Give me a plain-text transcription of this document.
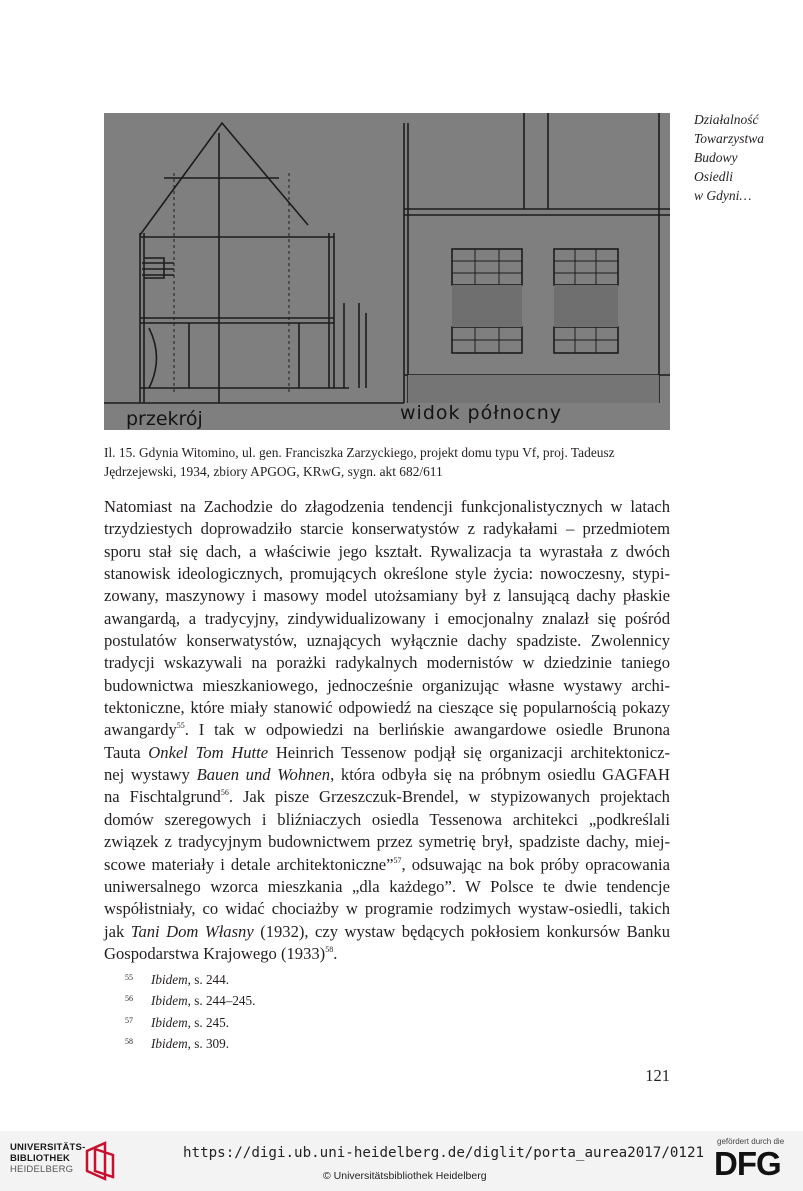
Działalność
Towarzystwa
Budowy
Osiedli
w Gdyni…
przekrój	widok północny
Il. 15. Gdynia Witomino, ul. gen. Franciszka Zarzyckiego, projekt domu typu Vf, proj. Tadeusz
Jędrzejewski, 1934, zbiory APGOG, KRwG, sygn. akt 682/611
Natomiast na Zachodzie do złagodzenia tendencji funkcjonalistycznych w latach
trzydziestych doprowadziło starcie konserwatystów z radykałami – przedmiotem
sporu stał się dach, a właściwie jego kształt. Rywalizacja ta wyrastała z dwóch
stanowisk ideologicznych, promujących określone style życia: nowoczesny, stypi-
zowany, maszynowy i masowy model utożsamiany był z lansującą dachy płaskie
awangardą, a tradycyjny, zindywidualizowany i emocjonalny znalazł się pośród
postulatów konserwatystów, uznających wyłącznie dachy spadziste. Zwolennicy
tradycji wskazywali na porażki radykalnych modernistów w dziedzinie taniego
budownictwa mieszkaniowego, jednocześnie organizując własne wystawy archi-
tektoniczne, które miały stanowić odpowiedź na cieszące się popularnością pokazy
awangardy$^{55}$. I tak w odpowiedzi na berlińskie awangardowe osiedle Brunona
Tauta Onkel Tom Hutte Heinrich Tessenow podjął się organizacji architektonicz-
nej wystawy Bauen und Wohnen, która odbyła się na próbnym osiedlu GAGFAH
na Fischtalgrund$^{56}$. Jak pisze Grzeszczuk-Brendel, w stypizowanych projektach
domów szeregowych i bliźniaczych osiedla Tessenowa architekci „podkreślali
związek z tradycyjnym budownictwem przez symetrię brył, spadziste dachy, miej-
scowe materiały i detale architektoniczne”$^{57}$, odsuwając na bok próby opracowania
uniwersalnego wzorca mieszkania „dla każdego”. W Polsce te dwie tendencje
współistniały, co widać chociażby w programie rodzimych wystaw-osiedli, takich
jak Tani Dom Własny (1932), czy wystaw będących pokłosiem konkursów Banku
Gospodarstwa Krajowego $(1933)^{58}$.
55	Ibidem, s. 244.
56	Ibidem, s. 244–245.
57	Ibidem, s. 245.
58	Ibidem, s. 309.
121
UNIVERSITÄTS-
BIBLIOTHEK
HEIDELBERG
https://digi.ub.uni-heidelberg.de/diglit/porta_aurea2017/0121
© Universitätsbibliothek Heidelberg
gefördert durch die
DFG
